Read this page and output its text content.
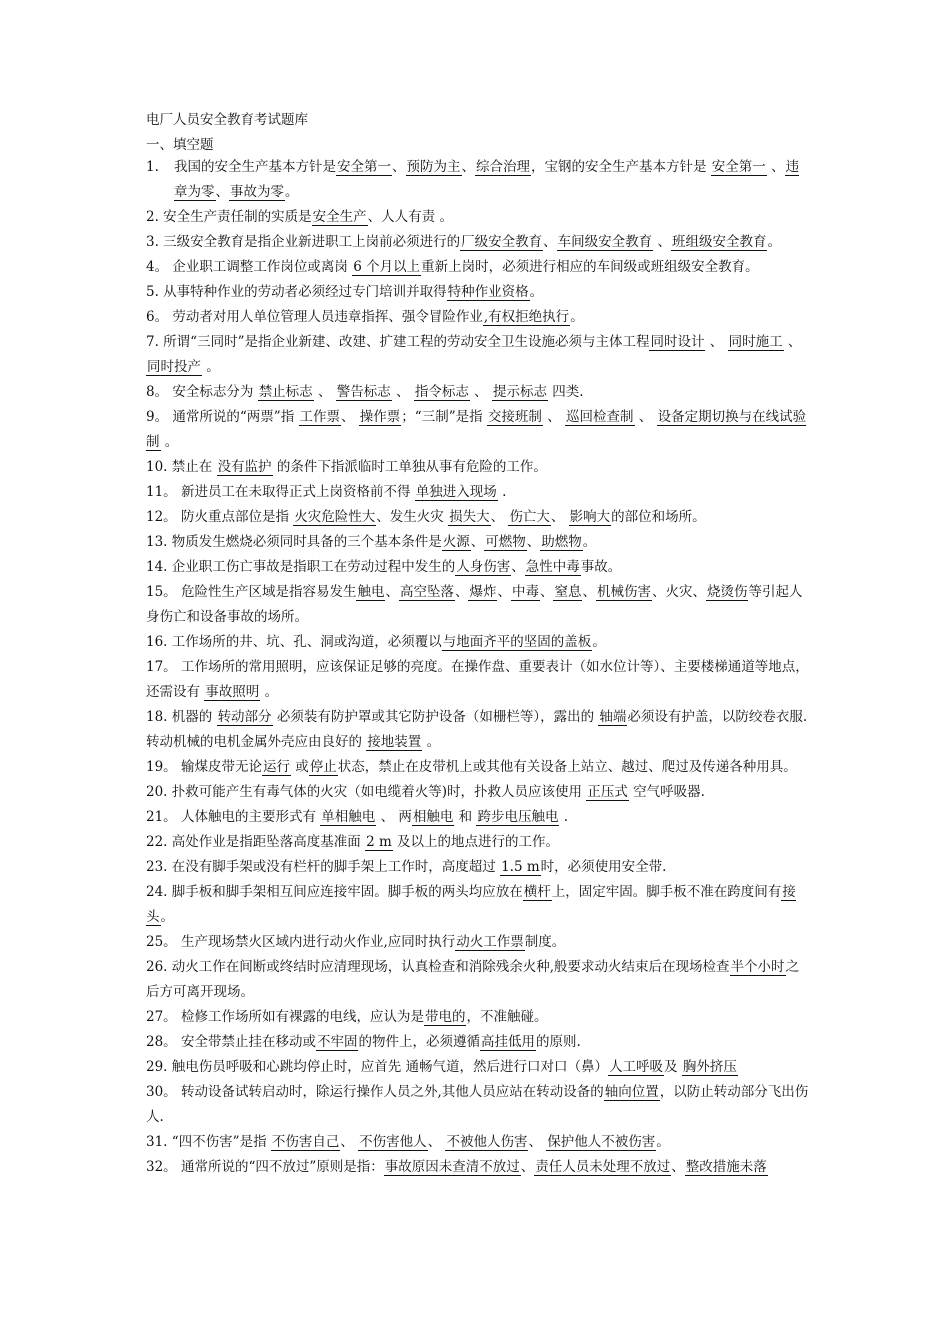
电厂人员安全教育考试题库
一、填空题
1. 我国的安全生产基本方针是安全第一、预防为主、综合治理，宝钢的安全生产基本方针是 安全第一 、违章为零、事故为零。
2. 安全生产责任制的实质是安全生产、人人有责 。
3. 三级安全教育是指企业新进职工上岗前必须进行的厂级安全教育、车间级安全教育 、班组级安全教育。
4。 企业职工调整工作岗位或离岗 6 个月以上重新上岗时，必须进行相应的车间级或班组级安全教育。
5. 从事特种作业的劳动者必须经过专门培训并取得特种作业资格。
6。 劳动者对用人单位管理人员违章指挥、强令冒险作业,有权拒绝执行。
7. 所谓“三同时”是指企业新建、改建、扩建工程的劳动安全卫生设施必须与主体工程同时设计 、 同时施工 、 同时投产 。
8。 安全标志分为 禁止标志 、 警告标志 、 指令标志 、 提示标志 四类.
9。 通常所说的“两票”指 工作票、 操作票；“三制”是指 交接班制 、 巡回检查制 、 设备定期切换与在线试验制 。
10. 禁止在 没有监护 的条件下指派临时工单独从事有危险的工作。
11。 新进员工在未取得正式上岗资格前不得 单独进入现场 .
12。 防火重点部位是指 火灾危险性大、发生火灾 损失大、 伤亡大、 影响大的部位和场所。
13. 物质发生燃烧必须同时具备的三个基本条件是火源、可燃物、助燃物。
14. 企业职工伤亡事故是指职工在劳动过程中发生的人身伤害、急性中毒事故。
15。 危险性生产区域是指容易发生触电、高空坠落、爆炸、中毒、窒息、机械伤害、火灾、烧烫伤等引起人身伤亡和设备事故的场所。
16. 工作场所的井、坑、孔、洞或沟道，必须覆以与地面齐平的坚固的盖板。
17。 工作场所的常用照明，应该保证足够的亮度。在操作盘、重要表计（如水位计等）、主要楼梯通道等地点，还需设有 事故照明 。
18. 机器的 转动部分 必须装有防护罩或其它防护设备（如栅栏等），露出的 轴端必须设有护盖，以防绞卷衣服.转动机械的电机金属外壳应由良好的 接地装置 。
19。 输煤皮带无论运行 或停止状态，禁止在皮带机上或其他有关设备上站立、越过、爬过及传递各种用具。
20. 扑救可能产生有毒气体的火灾（如电缆着火等)时，扑救人员应该使用 正压式 空气呼吸器.
21。 人体触电的主要形式有 单相触电 、 两相触电 和 跨步电压触电 .
22. 高处作业是指距坠落高度基准面 2 m 及以上的地点进行的工作。
23. 在没有脚手架或没有栏杆的脚手架上工作时，高度超过 1.5 m时，必须使用安全带.
24. 脚手板和脚手架相互间应连接牢固。脚手板的两头均应放在横杆上，固定牢固。脚手板不准在跨度间有接头。
25。 生产现场禁火区域内进行动火作业,应同时执行动火工作票制度。
26. 动火工作在间断或终结时应清理现场，认真检查和消除残余火种,般要求动火结束后在现场检查半个小时之后方可离开现场。
27。 检修工作场所如有裸露的电线，应认为是带电的，不准触碰。
28。 安全带禁止挂在移动或不牢固的物件上，必须遵循高挂低用的原则.
29. 触电伤员呼吸和心跳均停止时，应首先 通畅气道，然后进行口对口（鼻）人工呼吸及 胸外挤压
30。 转动设备试转启动时，除运行操作人员之外,其他人员应站在转动设备的轴向位置，以防止转动部分飞出伤人.
31. “四不伤害”是指 不伤害自己、 不伤害他人、 不被他人伤害、 保护他人不被伤害。
32。 通常所说的“四不放过”原则是指：事故原因未查清不放过、责任人员未处理不放过、整改措施未落
